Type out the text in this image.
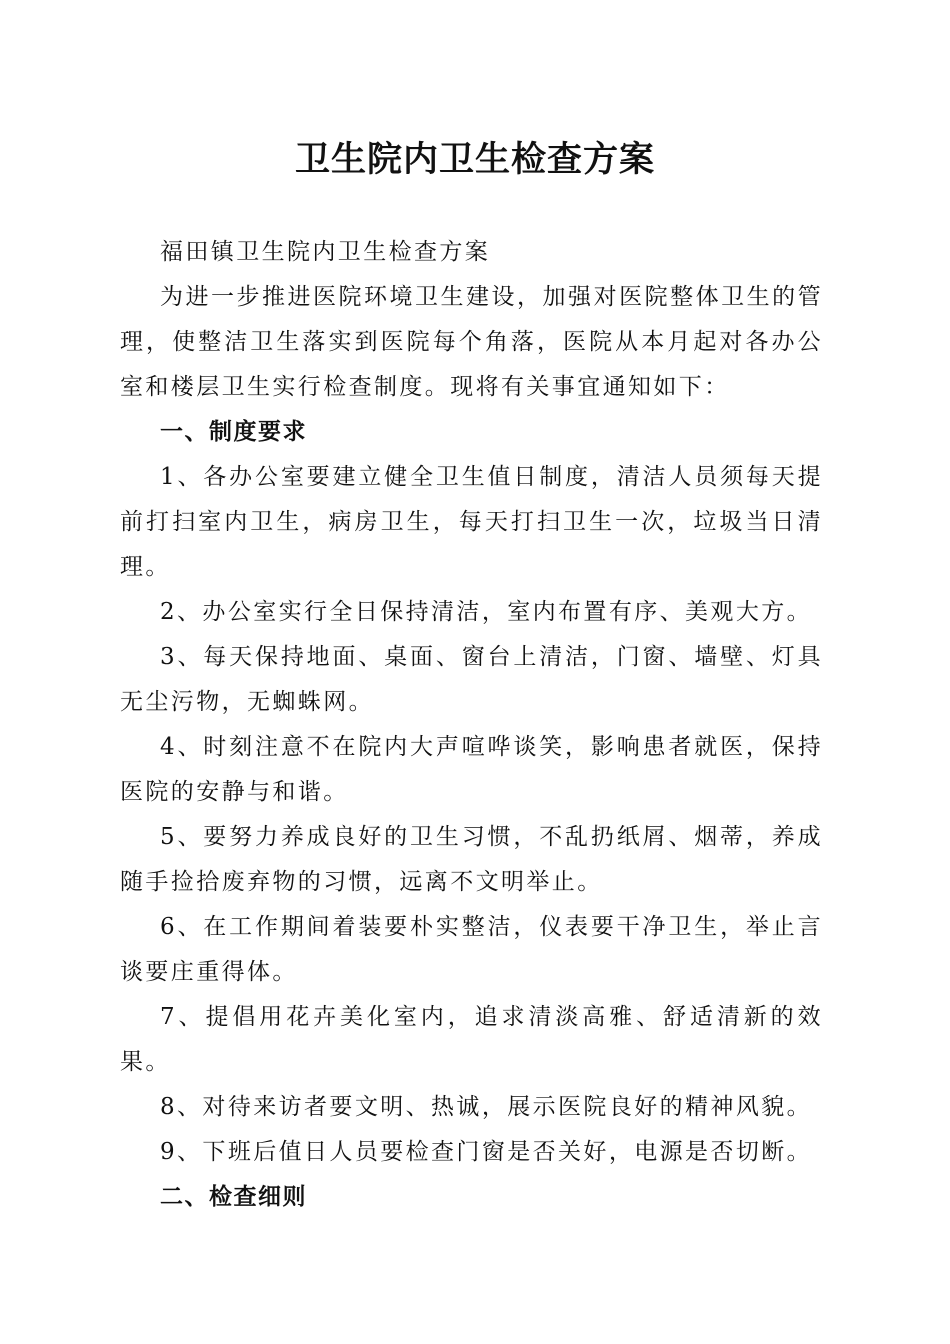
卫生院内卫生检查方案

福田镇卫生院内卫生检查方案

为进一步推进医院环境卫生建设，加强对医院整体卫生的管理，使整洁卫生落实到医院每个角落，医院从本月起对各办公室和楼层卫生实行检查制度。现将有关事宜通知如下：

一、制度要求

1、各办公室要建立健全卫生值日制度，清洁人员须每天提前打扫室内卫生，病房卫生，每天打扫卫生一次，垃圾当日清理。

2、办公室实行全日保持清洁，室内布置有序、美观大方。

3、每天保持地面、桌面、窗台上清洁，门窗、墙壁、灯具无尘污物，无蜘蛛网。

4、时刻注意不在院内大声喧哗谈笑，影响患者就医，保持医院的安静与和谐。

5、要努力养成良好的卫生习惯，不乱扔纸屑、烟蒂，养成随手捡拾废弃物的习惯，远离不文明举止。

6、在工作期间着装要朴实整洁，仪表要干净卫生，举止言谈要庄重得体。

7、提倡用花卉美化室内，追求清淡高雅、舒适清新的效果。

8、对待来访者要文明、热诚，展示医院良好的精神风貌。

9、下班后值日人员要检查门窗是否关好，电源是否切断。

二、检查细则
